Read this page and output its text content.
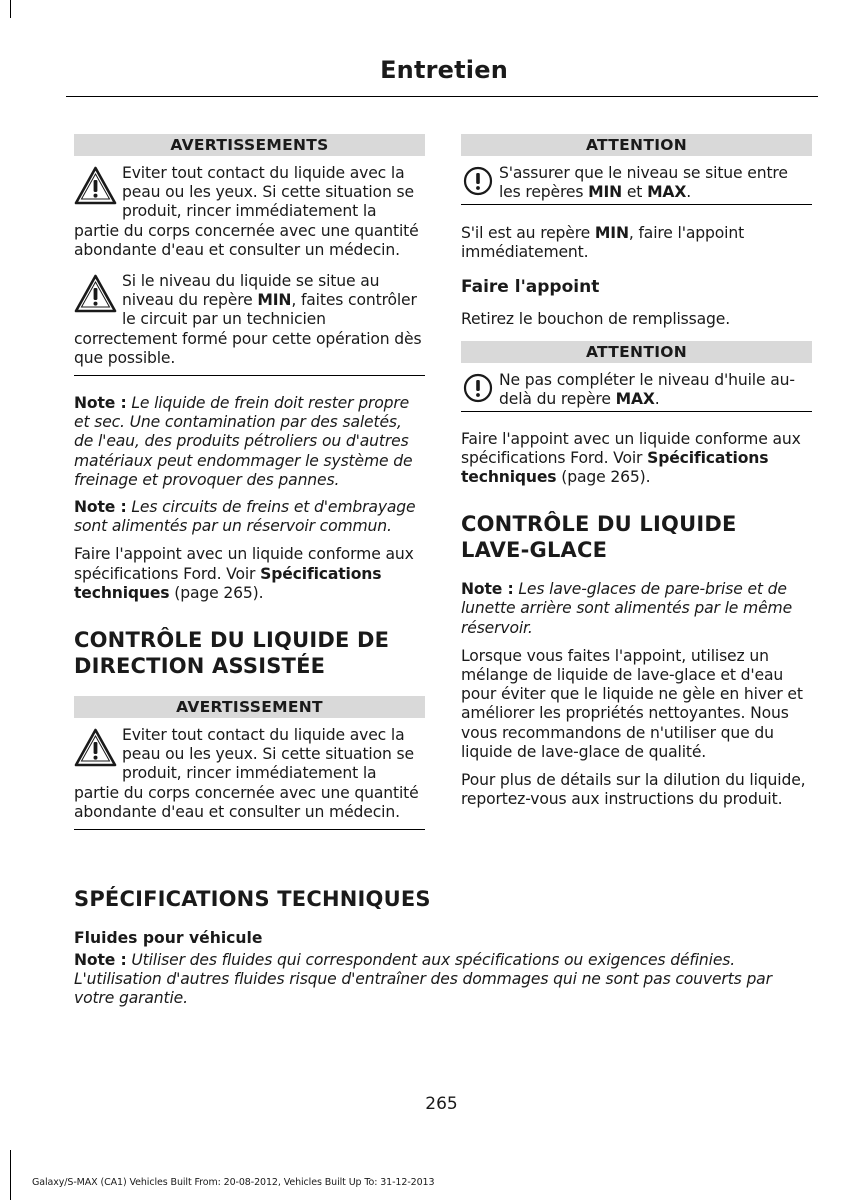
Entretien
AVERTISSEMENTS

Eviter tout contact du liquide avec la peau ou les yeux. Si cette situation se produit, rincer immédiatement la partie du corps concernée avec une quantité abondante d'eau et consulter un médecin.

Si le niveau du liquide se situe au niveau du repère MIN, faites contrôler le circuit par un technicien correctement formé pour cette opération dès que possible.

Note : Le liquide de frein doit rester propre et sec. Une contamination par des saletés, de l'eau, des produits pétroliers ou d'autres matériaux peut endommager le système de freinage et provoquer des pannes.

Note : Les circuits de freins et d'embrayage sont alimentés par un réservoir commun.

Faire l'appoint avec un liquide conforme aux spécifications Ford. Voir Spécifications techniques (page 265).

CONTRÔLE DU LIQUIDE DE DIRECTION ASSISTÉE
AVERTISSEMENT

Eviter tout contact du liquide avec la peau ou les yeux. Si cette situation se produit, rincer immédiatement la partie du corps concernée avec une quantité abondante d'eau et consulter un médecin.

ATTENTION

S'assurer que le niveau se situe entre les repères MIN et MAX.

S'il est au repère MIN, faire l'appoint immédiatement.

Faire l'appoint

Retirez le bouchon de remplissage.

ATTENTION

Ne pas compléter le niveau d'huile au-delà du repère MAX.

Faire l'appoint avec un liquide conforme aux spécifications Ford. Voir Spécifications techniques (page 265).

CONTRÔLE DU LIQUIDE LAVE-GLACE

Note : Les lave-glaces de pare-brise et de lunette arrière sont alimentés par le même réservoir.

Lorsque vous faites l'appoint, utilisez un mélange de liquide de lave-glace et d'eau pour éviter que le liquide ne gèle en hiver et améliorer les propriétés nettoyantes. Nous vous recommandons de n'utiliser que du liquide de lave-glace de qualité.

Pour plus de détails sur la dilution du liquide, reportez-vous aux instructions du produit.

SPÉCIFICATIONS TECHNIQUES
Fluides pour véhicule

Note : Utiliser des fluides qui correspondent aux spécifications ou exigences définies. L'utilisation d'autres fluides risque d'entraîner des dommages qui ne sont pas couverts par votre garantie.

265
Galaxy/S-MAX (CA1) Vehicles Built From: 20-08-2012, Vehicles Built Up To: 31-12-2013
